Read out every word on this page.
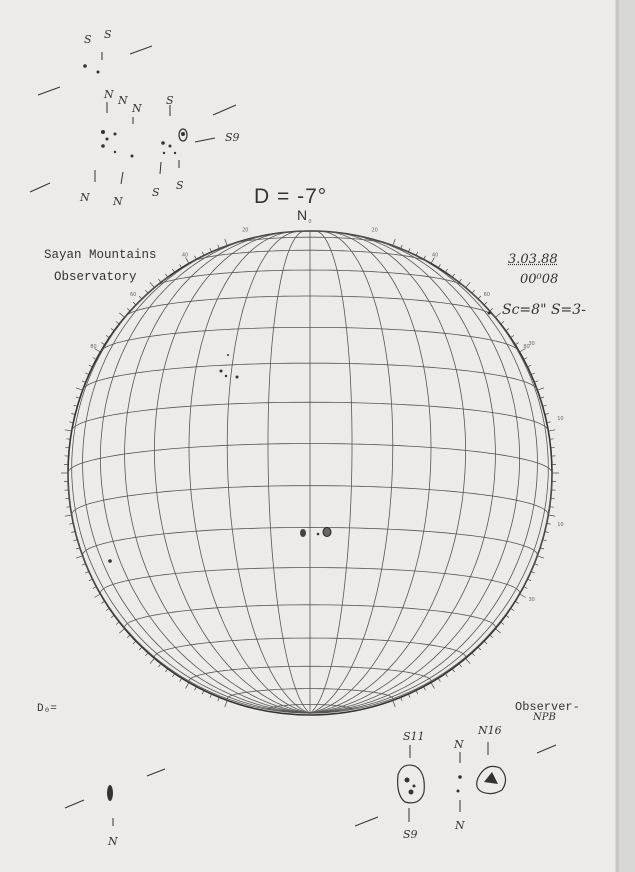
S S
N N
N
S
S9
N N
S
S
S11	N16
N
N
S9
N
80
60
40
20
0
20
40
60
80
30
10
10
30
D = -7°
N
Sayan Mountains
Observatory
3.03.88
0⁨0⁩⁰08
Sc=8" S=3-
D₀=	Observer-
NPB
